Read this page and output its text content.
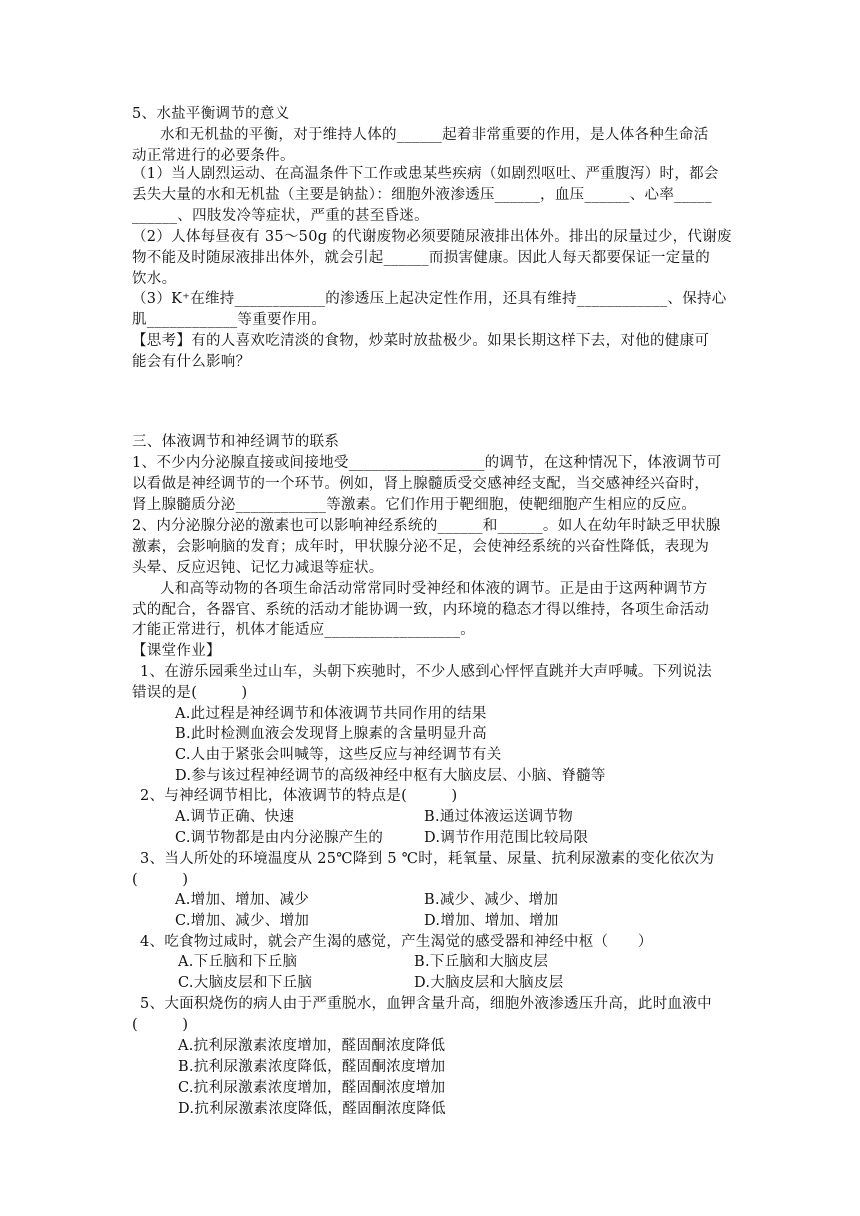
5、水盐平衡调节的意义
水和无机盐的平衡，对于维持人体的______起着非常重要的作用，是人体各种生命活
动正常进行的必要条件。
（1）当人剧烈运动、在高温条件下工作或患某些疾病（如剧烈呕吐、严重腹泻）时，都会
丢失大量的水和无机盐（主要是钠盐）：细胞外液渗透压______，血压______、心率_____
______、四肢发冷等症状，严重的甚至昏迷。
（2）人体每昼夜有 35～50g 的代谢废物必须要随尿液排出体外。排出的尿量过少，代谢废
物不能及时随尿液排出体外，就会引起______而损害健康。因此人每天都要保证一定量的
饮水。
（3）K⁺在维持____________的渗透压上起决定性作用，还具有维持____________、保持心
肌____________等重要作用。
【思考】有的人喜欢吃清淡的食物，炒菜时放盐极少。如果长期这样下去，对他的健康可
能会有什么影响？
三、体液调节和神经调节的联系
1、不少内分泌腺直接或间接地受__________________的调节，在这种情况下，体液调节可
以看做是神经调节的一个环节。例如，肾上腺髓质受交感神经支配，当交感神经兴奋时，
肾上腺髓质分泌____________等激素。它们作用于靶细胞，使靶细胞产生相应的反应。
2、内分泌腺分泌的激素也可以影响神经系统的______和______。如人在幼年时缺乏甲状腺
激素，会影响脑的发育；成年时，甲状腺分泌不足，会使神经系统的兴奋性降低，表现为
头晕、反应迟钝、记忆力减退等症状。
人和高等动物的各项生命活动常常同时受神经和体液的调节。正是由于这两种调节方
式的配合，各器官、系统的活动才能协调一致，内环境的稳态才得以维持，各项生命活动
才能正常进行，机体才能适应__________________。
【课堂作业】
1、在游乐园乘坐过山车，头朝下疾驰时，不少人感到心怦怦直跳并大声呼喊。下列说法
错误的是(　　　)
A.此过程是神经调节和体液调节共同作用的结果
B.此时检测血液会发现肾上腺素的含量明显升高
C.人由于紧张会叫喊等，这些反应与神经调节有关
D.参与该过程神经调节的高级神经中枢有大脑皮层、小脑、脊髓等
2、与神经调节相比，体液调节的特点是(　　　)
A.调节正确、快速	B.通过体液运送调节物
C.调节物都是由内分泌腺产生的	D.调节作用范围比较局限
3、当人所处的环境温度从 25℃降到 5 ℃时，耗氧量、尿量、抗利尿激素的变化依次为
(　　　)
A.增加、增加、减少	B.减少、减少、增加
C.增加、减少、增加	D.增加、增加、增加
4、吃食物过咸时，就会产生渴的感觉，产生渴觉的感受器和神经中枢（　　）
A.下丘脑和下丘脑	B.下丘脑和大脑皮层
C.大脑皮层和下丘脑	D.大脑皮层和大脑皮层
5、大面积烧伤的病人由于严重脱水，血钾含量升高，细胞外液渗透压升高，此时血液中
(　　　)
A.抗利尿激素浓度增加，醛固酮浓度降低
B.抗利尿激素浓度降低，醛固酮浓度增加
C.抗利尿激素浓度增加，醛固酮浓度增加
D.抗利尿激素浓度降低，醛固酮浓度降低
